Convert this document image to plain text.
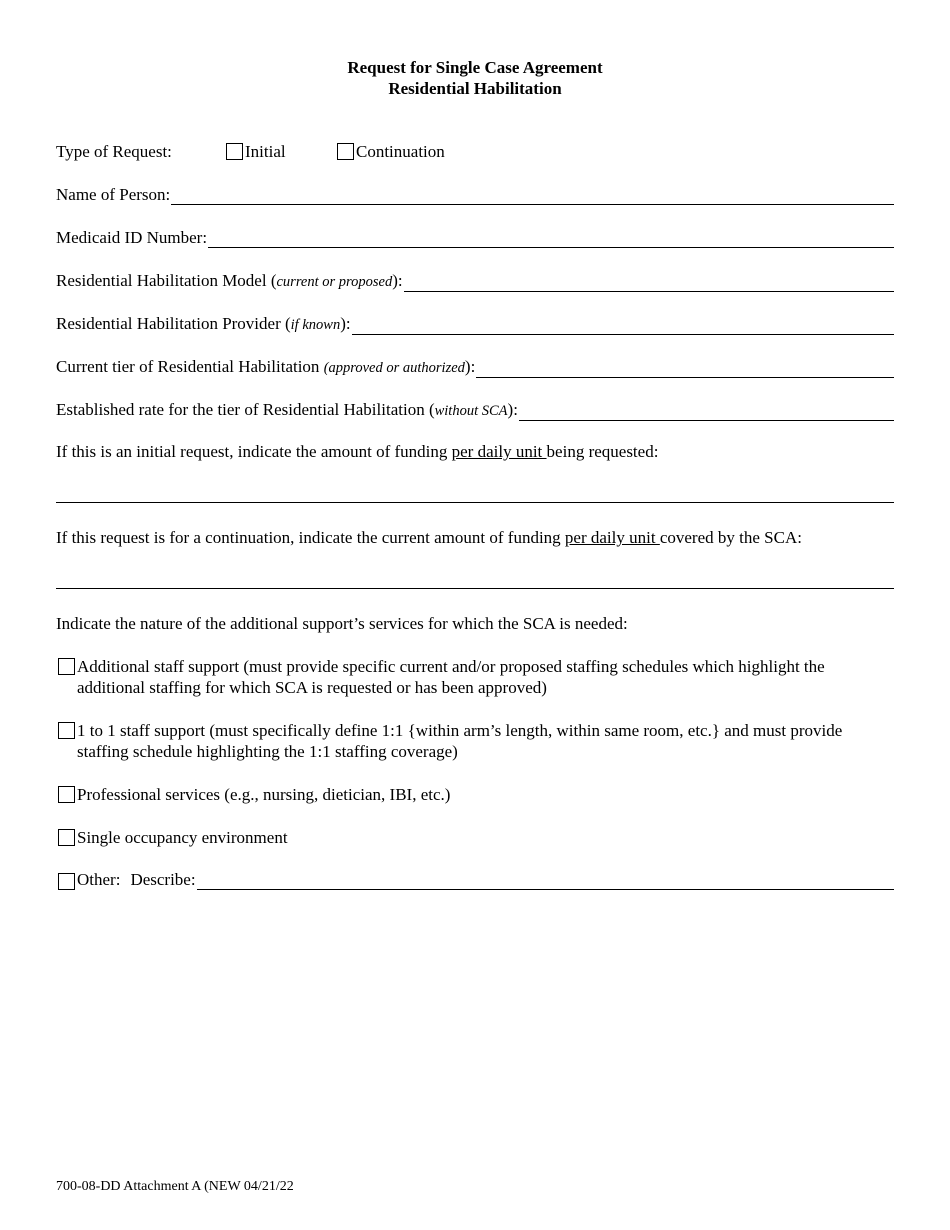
Request for Single Case Agreement
Residential Habilitation
Type of Request:	Initial	Continuation
Name of Person:
Medicaid ID Number:
Residential Habilitation Model (current or proposed):
Residential Habilitation Provider (if known):
Current tier of Residential Habilitation (approved or authorized):
Established rate for the tier of Residential Habilitation (without SCA):
If this is an initial request, indicate the amount of funding per daily unit being requested:
If this request is for a continuation, indicate the current amount of funding per daily unit covered by the SCA:
Indicate the nature of the additional support’s services for which the SCA is needed:
Additional staff support (must provide specific current and/or proposed staffing schedules which highlight the additional staffing for which SCA is requested or has been approved)
1 to 1 staff support (must specifically define 1:1 {within arm’s length, within same room, etc.} and must provide staffing schedule highlighting the 1:1 staffing coverage)
Professional services (e.g., nursing, dietician, IBI, etc.)
Single occupancy environment
Other: Describe:
700-08-DD Attachment A (NEW 04/21/22
